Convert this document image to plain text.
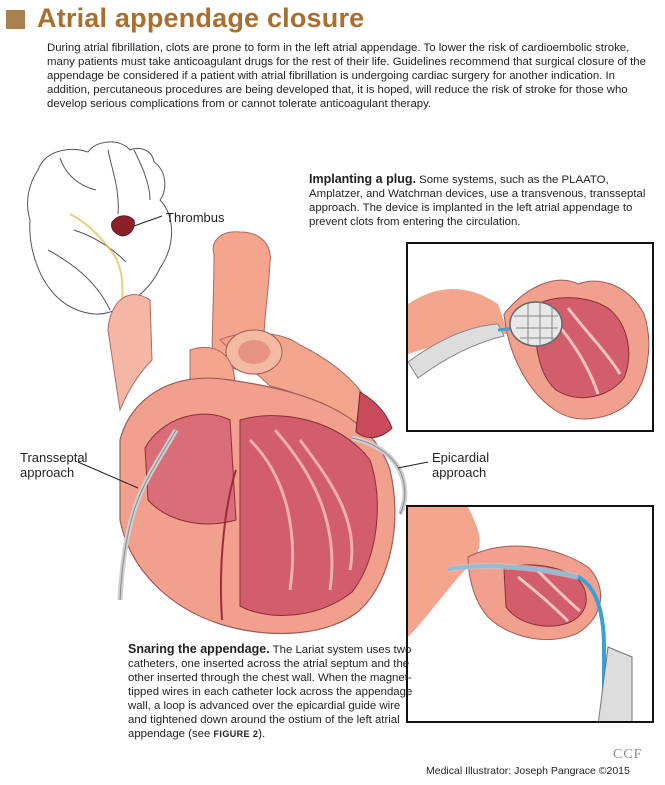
Atrial appendage closure

During atrial fibrillation, clots are prone to form in the left atrial appendage. To lower the risk of cardioembolic stroke, many patients must take anticoagulant drugs for the rest of their life. Guidelines recommend that surgical closure of the appendage be considered if a patient with atrial fibrillation is undergoing cardiac surgery for another indication. In addition, percutaneous procedures are being developed that, it is hoped, will reduce the risk of stroke for those who develop serious complications from or cannot tolerate anticoagulant therapy.

Thrombus
Transseptal
approach
Epicardial
approach

Implanting a plug. Some systems, such as the PLAATO, Amplatzer, and Watchman devices, use a transvenous, transseptal approach. The device is implanted in the left atrial appendage to prevent clots from entering the circulation.

Snaring the appendage. The Lariat system uses two catheters, one inserted across the atrial septum and the other inserted through the chest wall. When the magnet-tipped wires in each catheter lock across the appendage wall, a loop is advanced over the epicardial guide wire and tightened down around the ostium of the left atrial appendage (see FIGURE 2).

CCF
Medical Illustrator: Joseph Pangrace ©2015
